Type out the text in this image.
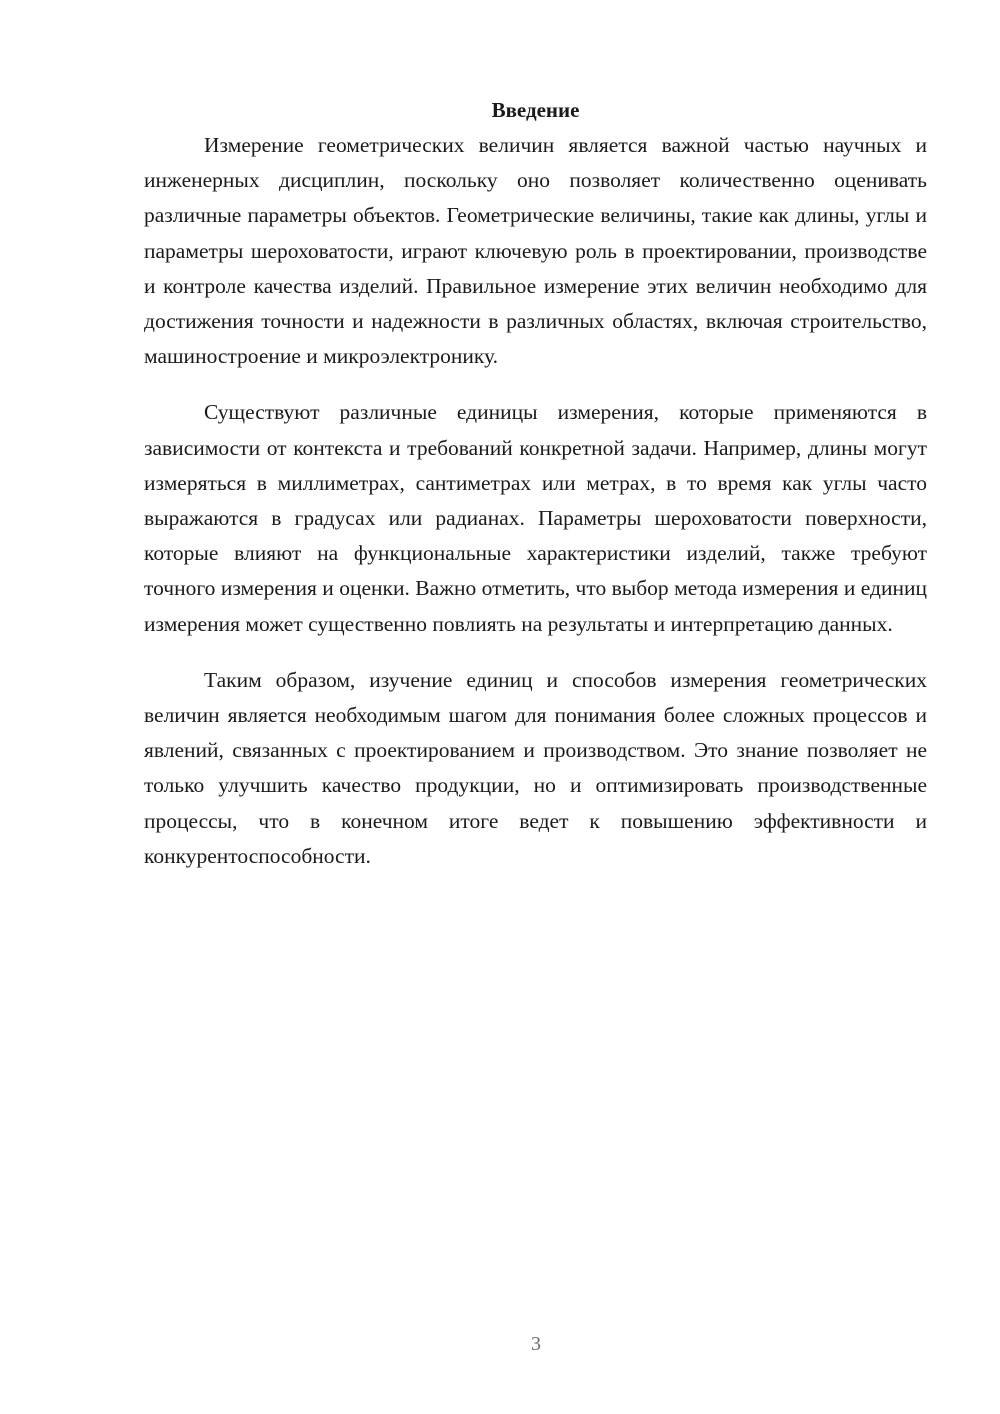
Введение

Измерение геометрических величин является важной частью научных и инженерных дисциплин, поскольку оно позволяет количественно оценивать различные параметры объектов. Геометрические величины, такие как длины, углы и параметры шероховатости, играют ключевую роль в проектировании, производстве и контроле качества изделий. Правильное измерение этих величин необходимо для достижения точности и надежности в различных областях, включая строительство, машиностроение и микроэлектронику.

Существуют различные единицы измерения, которые применяются в зависимости от контекста и требований конкретной задачи. Например, длины могут измеряться в миллиметрах, сантиметрах или метрах, в то время как углы часто выражаются в градусах или радианах. Параметры шероховатости поверхности, которые влияют на функциональные характеристики изделий, также требуют точного измерения и оценки. Важно отметить, что выбор метода измерения и единиц измерения может существенно повлиять на результаты и интерпретацию данных.

Таким образом, изучение единиц и способов измерения геометрических величин является необходимым шагом для понимания более сложных процессов и явлений, связанных с проектированием и производством. Это знание позволяет не только улучшить качество продукции, но и оптимизировать производственные процессы, что в конечном итоге ведет к повышению эффективности и конкурентоспособности.

3
